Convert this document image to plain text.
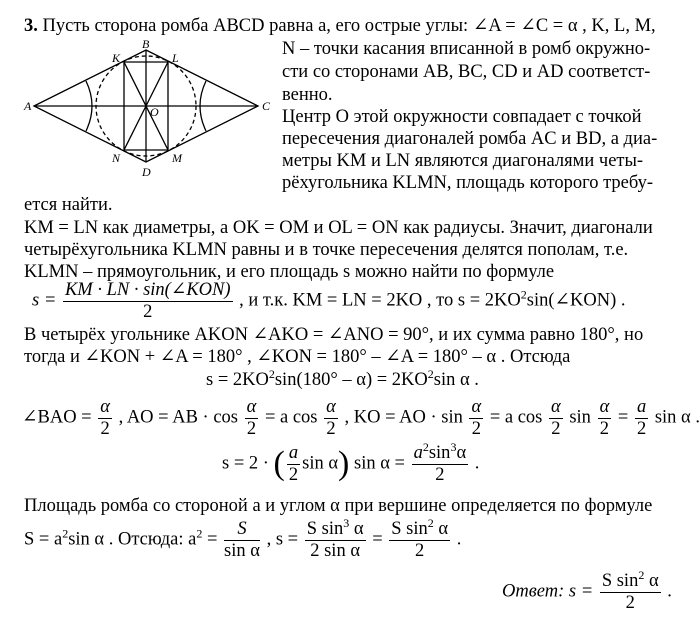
A
B
C
D
K	L
M
N
O
3. Пусть сторона ромба ABCD равна a, его острые углы: ∠A = ∠C = α , K, L, M,
N – точки касания вписанной в ромб окружно-
сти со сторонами AB, BC, CD и AD соответст-
венно.
Центр O этой окружности совпадает с точкой
пересечения диагоналей ромба AC и BD, а диа-
метры KM и LN являются диагоналями четы-
рёхугольника KLMN, площадь которого требу-
ется найти.
KM = LN как диаметры, а OK = OM и OL = ON как радиусы. Значит, диагонали
четырёхугольника KLMN равны и в точке пересечения делятся пополам, т.е.
KLMN – прямоугольник, и его площадь s можно найти по формуле
$s = \frac{\text{KM · LN · sin(∠KON)}}{2}$ , и т.к. KM = LN = 2KO , то $s = 2KO^2\sin(\angle KON)$ .
В четырёх угольнике AKON ∠AKO = ∠ANO = 90°, и их сумма равно 180°, но
тогда и ∠KON + ∠A = 180° , ∠KON = 180° – ∠A = 180° – α . Отсюда
$s = 2KO^2\sin(180^\circ - \alpha) = 2KO^2\sin$ α .
∠BAO = $\frac{\alpha}{2}$ , AO = AB · $\cos \frac{\alpha}{2} = a$ $\cos \frac{\alpha}{2}$ , KO = AO · $\sin \frac{\alpha}{2} = a$ $\cos \frac{\alpha}{2}$ $\sin \frac{\alpha}{2} = \frac{a}{2}$ sin α .
s = 2 · ( $\frac{a}{2}$ sin α) $\sin \alpha = \frac{a^2\sin^3\alpha}{2}$ .
Площадь ромба со стороной a и углом α при вершине определяется по формуле
$S = a^2\sin$ α . Отсюда: $a^2 = \frac{S}{\text{sin α}}$ , $s = \frac{S \sin^3 \alpha}{\text{2 sin α}} = \frac{S \sin^2 \alpha}{2}$ .
Ответ: $s = \frac{S \sin^2 \alpha}{2}$ .
